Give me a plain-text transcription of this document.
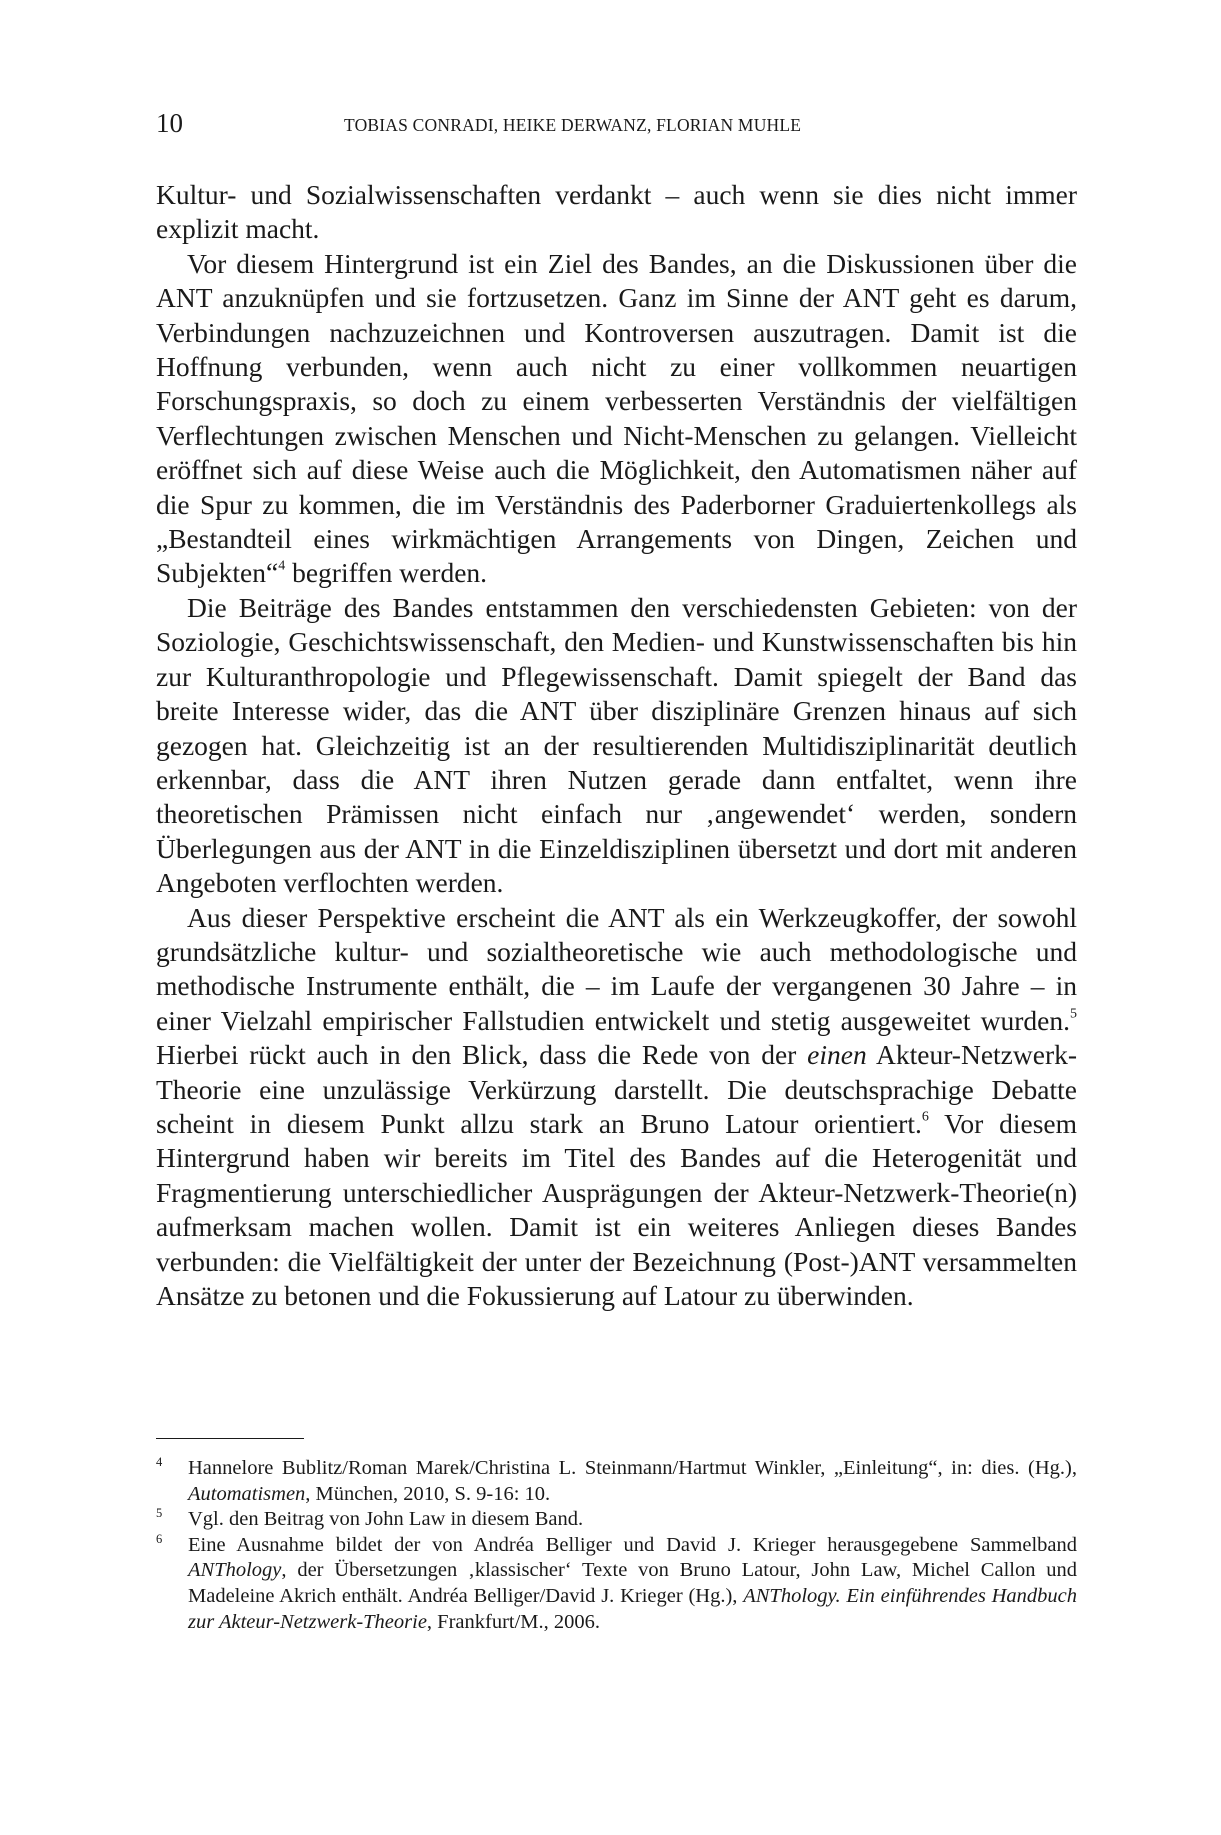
10	TOBIAS CONRADI, HEIKE DERWANZ, FLORIAN MUHLE

Kultur- und Sozialwissenschaften verdankt – auch wenn sie dies nicht immer explizit macht.

Vor diesem Hintergrund ist ein Ziel des Bandes, an die Diskussionen über die ANT anzuknüpfen und sie fortzusetzen. Ganz im Sinne der ANT geht es darum, Verbindungen nachzuzeichnen und Kontroversen auszutragen. Damit ist die Hoffnung verbunden, wenn auch nicht zu einer vollkommen neuartigen Forschungspraxis, so doch zu einem verbesserten Verständnis der vielfältigen Verflechtungen zwischen Menschen und Nicht-Menschen zu gelangen. Vielleicht eröffnet sich auf diese Weise auch die Möglichkeit, den Automatismen näher auf die Spur zu kommen, die im Verständnis des Paderborner Graduiertenkollegs als „Bestandteil eines wirkmächtigen Arrangements von Dingen, Zeichen und Subjekten“$^4$ begriffen werden.

Die Beiträge des Bandes entstammen den verschiedensten Gebieten: von der Soziologie, Geschichtswissenschaft, den Medien- und Kunstwissenschaften bis hin zur Kulturanthropologie und Pflegewissenschaft. Damit spiegelt der Band das breite Interesse wider, das die ANT über disziplinäre Grenzen hinaus auf sich gezogen hat. Gleichzeitig ist an der resultierenden Multidisziplinarität deutlich erkennbar, dass die ANT ihren Nutzen gerade dann entfaltet, wenn ihre theoretischen Prämissen nicht einfach nur ‚angewendet‘ werden, sondern Überlegungen aus der ANT in die Einzeldisziplinen übersetzt und dort mit anderen Angeboten verflochten werden.

Aus dieser Perspektive erscheint die ANT als ein Werkzeugkoffer, der sowohl grundsätzliche kultur- und sozialtheoretische wie auch methodologische und methodische Instrumente enthält, die – im Laufe der vergangenen 30 Jahre – in einer Vielzahl empirischer Fallstudien entwickelt und stetig ausgeweitet wurden.$^5$ Hierbei rückt auch in den Blick, dass die Rede von der einen Akteur-Netzwerk-Theorie eine unzulässige Verkürzung darstellt. Die deutschsprachige Debatte scheint in diesem Punkt allzu stark an Bruno Latour orientiert.$^6$ Vor diesem Hintergrund haben wir bereits im Titel des Bandes auf die Heterogenität und Fragmentierung unterschiedlicher Ausprägungen der Akteur-Netzwerk-Theorie(n) aufmerksam machen wollen. Damit ist ein weiteres Anliegen dieses Bandes verbunden: die Vielfältigkeit der unter der Bezeichnung (Post-)ANT versammelten Ansätze zu betonen und die Fokussierung auf Latour zu überwinden.

4 Hannelore Bublitz/Roman Marek/Christina L. Steinmann/Hartmut Winkler, „Einleitung“, in: dies. (Hg.), Automatismen, München, 2010, S. 9-16: 10.
5 Vgl. den Beitrag von John Law in diesem Band.
6 Eine Ausnahme bildet der von Andréa Belliger und David J. Krieger herausgegebene Sammelband ANThology, der Übersetzungen ‚klassischer‘ Texte von Bruno Latour, John Law, Michel Callon und Madeleine Akrich enthält. Andréa Belliger/David J. Krieger (Hg.), ANThology. Ein einführendes Handbuch zur Akteur-Netzwerk-Theorie, Frankfurt/M., 2006.
